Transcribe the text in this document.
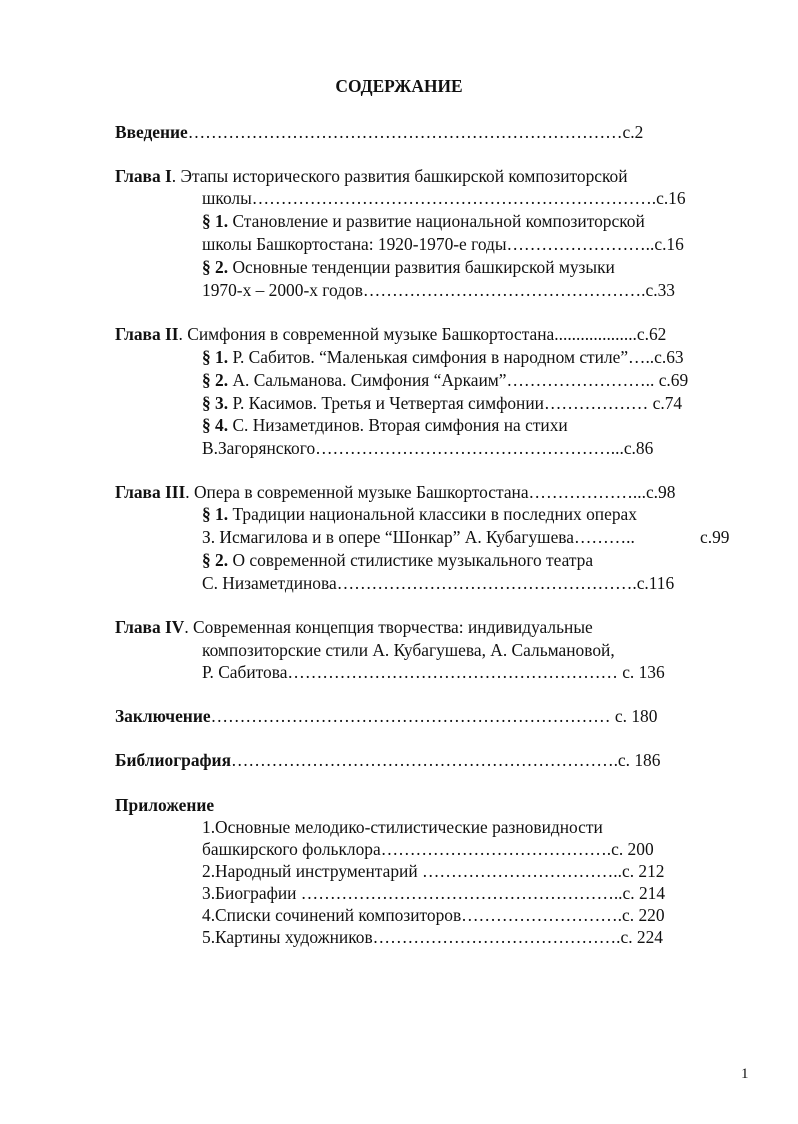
СОДЕРЖАНИЕ
Введение…………………………………………………………………с.2
Глава I. Этапы исторического развития башкирской композиторской
школы…………………………………………………………….с.16
§ 1. Становление и развитие национальной композиторской
школы Башкортостана: 1920-1970-е годы……………………..с.16
§ 2. Основные тенденции развития башкирской музыки
1970-х – 2000-х годов………………………………………….с.33
Глава II. Симфония в современной музыке Башкортостана...................с.62
§ 1. Р. Сабитов. “Маленькая симфония в народном стиле”…..с.63
§ 2. А. Сальманова. Симфония “Аркаим”…………………….. с.69
§ 3. Р. Касимов. Третья и Четвертая симфонии……………… с.74
§ 4. С. Низаметдинов. Вторая симфония на стихи
В.Загорянского……………………………………………...с.86
Глава III. Опера в современной музыке Башкортостана………………...с.98
§ 1. Традиции национальной классики в последних операх
З. Исмагилова и в опере “Шонкар” А. Кубагушева………..	с.99
§ 2. О современной стилистике музыкального театра
С. Низаметдинова…………………………………………….с.116
Глава IV. Современная концепция творчества: индивидуальные
композиторские стили А. Кубагушева, А. Сальмановой,
Р. Сабитова………………………………………………… с. 136
Заключение…………………………………………………………… с. 180
Библиография………………………………………………………….с. 186
Приложение
1.Основные мелодико-стилистические разновидности
башкирского фольклора………………………………….с. 200
2.Народный инструментарий ……………………………..с. 212
3.Биографии ………………………………………………..с. 214
4.Списки сочинений композиторов……………………….с. 220
5.Картины художников…………………………………….с. 224
1
